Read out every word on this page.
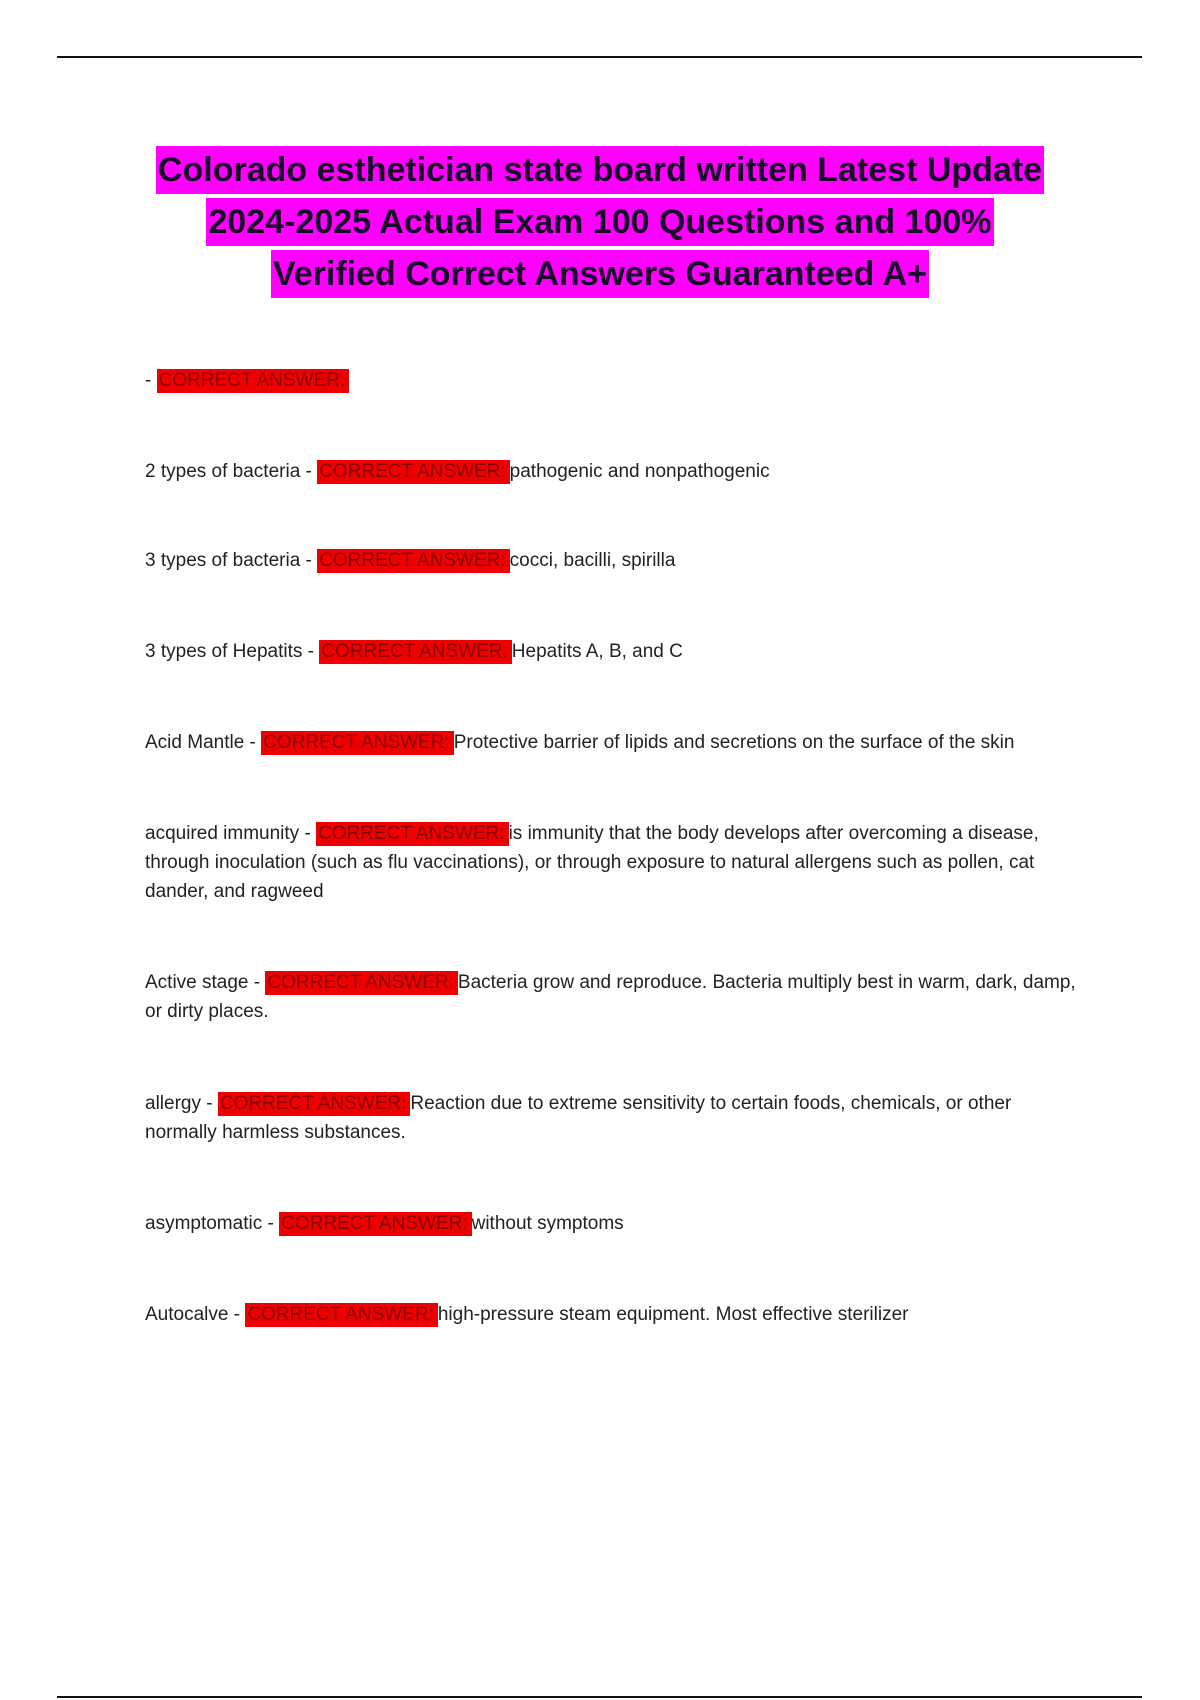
Colorado esthetician state board written Latest Update
2024-2025 Actual Exam 100 Questions and 100%
Verified Correct Answers Guaranteed A+
- CORRECT ANSWER:
2 types of bacteria - CORRECT ANSWER: pathogenic and nonpathogenic
3 types of bacteria - CORRECT ANSWER: cocci, bacilli, spirilla
3 types of Hepatits - CORRECT ANSWER: Hepatits A, B, and C
Acid Mantle - CORRECT ANSWER: Protective barrier of lipids and secretions on the surface of the skin
acquired immunity - CORRECT ANSWER: is immunity that the body develops after overcoming a disease, through inoculation (such as flu vaccinations), or through exposure to natural allergens such as pollen, cat dander, and ragweed
Active stage - CORRECT ANSWER: Bacteria grow and reproduce. Bacteria multiply best in warm, dark, damp, or dirty places.
allergy - CORRECT ANSWER: Reaction due to extreme sensitivity to certain foods, chemicals, or other normally harmless substances.
asymptomatic - CORRECT ANSWER: without symptoms
Autocalve - CORRECT ANSWER: high-pressure steam equipment. Most effective sterilizer
